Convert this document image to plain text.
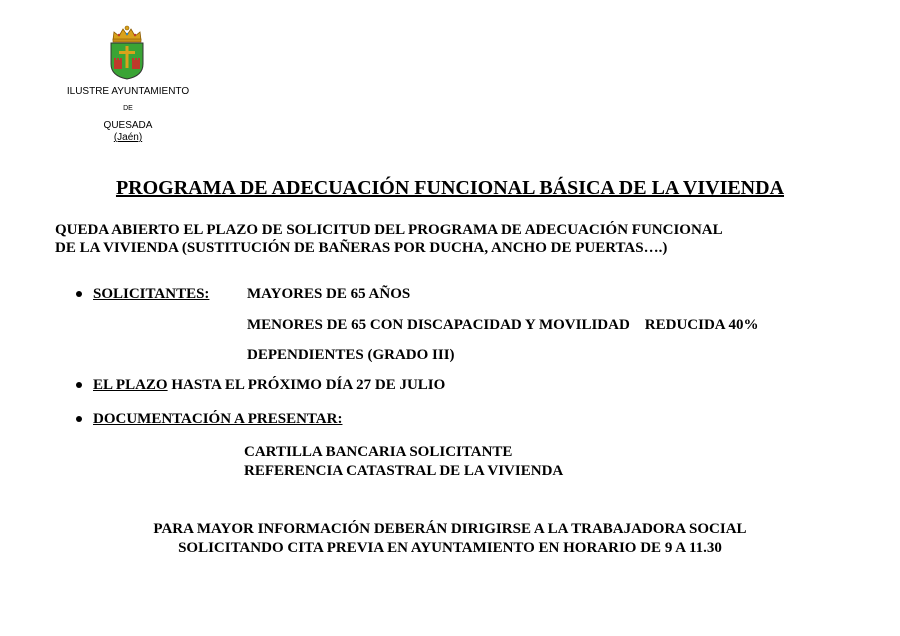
ILUSTRE AYUNTAMIENTO
DE
QUESADA
(Jaén)
PROGRAMA DE ADECUACIÓN FUNCIONAL BÁSICA DE LA VIVIENDA
QUEDA ABIERTO EL PLAZO DE SOLICITUD DEL PROGRAMA DE ADECUACIÓN FUNCIONAL
DE LA VIVIENDA (SUSTITUCIÓN DE BAÑERAS POR DUCHA, ANCHO DE PUERTAS….)
SOLICITANTES:	MAYORES DE 65 AÑOS
MENORES DE 65 CON DISCAPACIDAD Y MOVILIDAD    REDUCIDA 40%
DEPENDIENTES (GRADO III)
EL PLAZO HASTA EL PRÓXIMO DÍA 27 DE JULIO
DOCUMENTACIÓN A PRESENTAR:
CARTILLA BANCARIA SOLICITANTE
REFERENCIA CATASTRAL DE LA VIVIENDA
PARA MAYOR INFORMACIÓN DEBERÁN DIRIGIRSE A LA TRABAJADORA SOCIAL
SOLICITANDO CITA PREVIA EN AYUNTAMIENTO EN HORARIO DE 9 A 11.30
